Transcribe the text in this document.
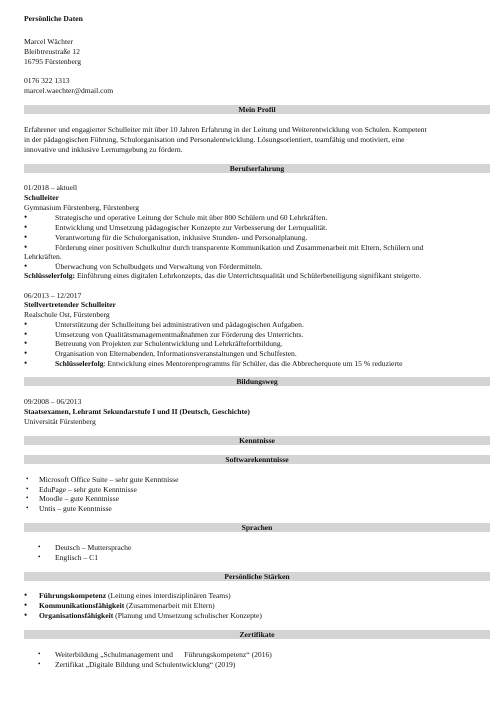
Persönliche Daten
Marcel Wächter
Bleibtreustraße 12
16795 Fürstenberg
0176 322 1313
marcel.waechter@dmail.com
Mein Profil
Erfahrener und engagierter Schulleiter mit über 10 Jahren Erfahrung in der Leitung und Weiterentwicklung von Schulen. Kompetent
in der pädagogischen Führung, Schulorganisation und Personalentwicklung. Lösungsorientiert, teamfähig und motiviert, eine
innovative und inklusive Lernumgebung zu fördern.
Berufserfahrung
01/2018 – aktuell
Schulleiter
Gymnasium Fürstenberg, Fürstenberg
•	Strategische und operative Leitung der Schule mit über 800 Schülern und 60 Lehrkräften.
•	Entwicklung und Umsetzung pädagogischer Konzepte zur Verbesserung der Lernqualität.
•	Verantwortung für die Schulorganisation, inklusive Stunden- und Personalplanung.
•	Förderung einer positiven Schulkultur durch transparente Kommunikation und Zusammenarbeit mit Eltern, Schülern und
Lehrkräften.
•	Überwachung von Schulbudgets und Verwaltung von Fördermitteln.
Schlüsselerfolg: Einführung eines digitalen Lehrkonzepts, das die Unterrichtsqualität und Schülerbeteiligung signifikant steigerte.
06/2013 – 12/2017
Stellvertretender Schulleiter
Realschule Ost, Fürstenberg
•	Unterstützung der Schulleitung bei administrativen und pädagogischen Aufgaben.
•	Umsetzung von Qualitätsmanagementmaßnahmen zur Förderung des Unterrichts.
•	Betreuung von Projekten zur Schulentwicklung und Lehrkräftefortbildung.
•	Organisation von Elternabenden, Informationsveranstaltungen und Schulfesten.
•	Schlüsselerfolg: Entwicklung eines Mentorenprogramms für Schüler, das die Abbrecherquote um 15 % reduzierte
Bildungsweg
09/2008 – 06/2013
Staatsexamen, Lehramt Sekundarstufe I und II (Deutsch, Geschichte)
Universität Fürstenberg
Kenntnisse
Softwarekenntnisse
• Microsoft Office Suite – sehr gute Kenntnisse
• EduPage – sehr gute Kenntnisse
• Moodle – gute Kenntnisse
• Untis – gute Kenntnisse
Sprachen
• Deutsch – Muttersprache
• Englisch – C1
Persönliche Stärken
• Führungskompetenz (Leitung eines interdisziplinären Teams)
• Kommunikationsfähigkeit (Zusammenarbeit mit Eltern)
• Organisationsfähigkeit (Planung und Umsetzung schulischer Konzepte)
Zertifikate
• Weiterbildung „Schulmanagement und      Führungskompetenz“ (2016)
• Zertifikat „Digitale Bildung und Schulentwicklung“ (2019)
